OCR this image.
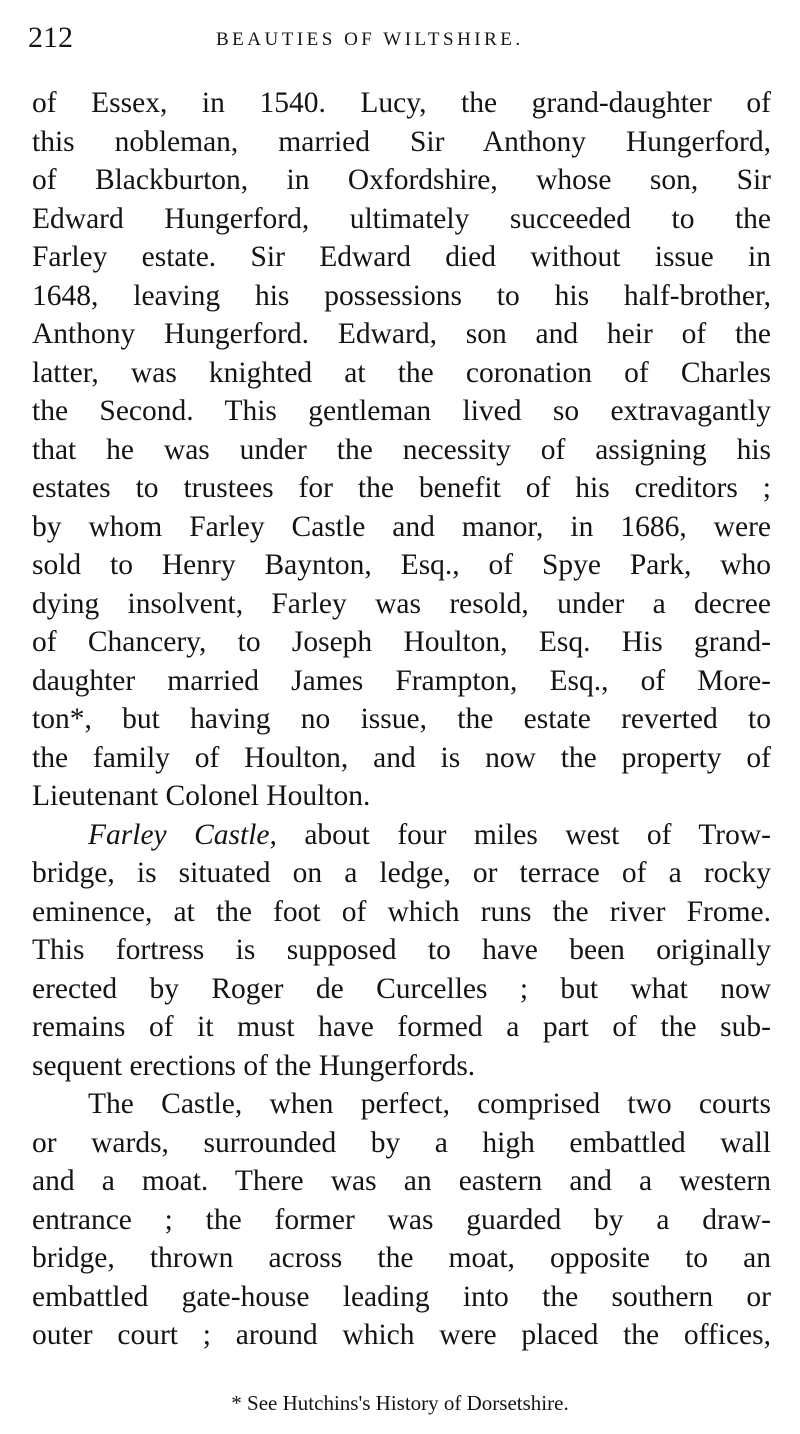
212	BEAUTIES OF WILTSHIRE.
of Essex, in 1540. Lucy, the grand-daughter of
this nobleman, married Sir Anthony Hungerford,
of Blackburton, in Oxfordshire, whose son, Sir
Edward Hungerford, ultimately succeeded to the
Farley estate. Sir Edward died without issue in
1648, leaving his possessions to his half-brother,
Anthony Hungerford. Edward, son and heir of the
latter, was knighted at the coronation of Charles
the Second. This gentleman lived so extravagantly
that he was under the necessity of assigning his
estates to trustees for the benefit of his creditors ;
by whom Farley Castle and manor, in 1686, were
sold to Henry Baynton, Esq., of Spye Park, who
dying insolvent, Farley was resold, under a decree
of Chancery, to Joseph Houlton, Esq. His grand-
daughter married James Frampton, Esq., of More-
ton*, but having no issue, the estate reverted to
the family of Houlton, and is now the property of
Lieutenant Colonel Houlton.
Farley Castle, about four miles west of Trow-
bridge, is situated on a ledge, or terrace of a rocky
eminence, at the foot of which runs the river Frome.
This fortress is supposed to have been originally
erected by Roger de Curcelles ; but what now
remains of it must have formed a part of the sub-
sequent erections of the Hungerfords.
The Castle, when perfect, comprised two courts
or wards, surrounded by a high embattled wall
and a moat. There was an eastern and a western
entrance ; the former was guarded by a draw-
bridge, thrown across the moat, opposite to an
embattled gate-house leading into the southern or
outer court ; around which were placed the offices,
* See Hutchins's History of Dorsetshire.
